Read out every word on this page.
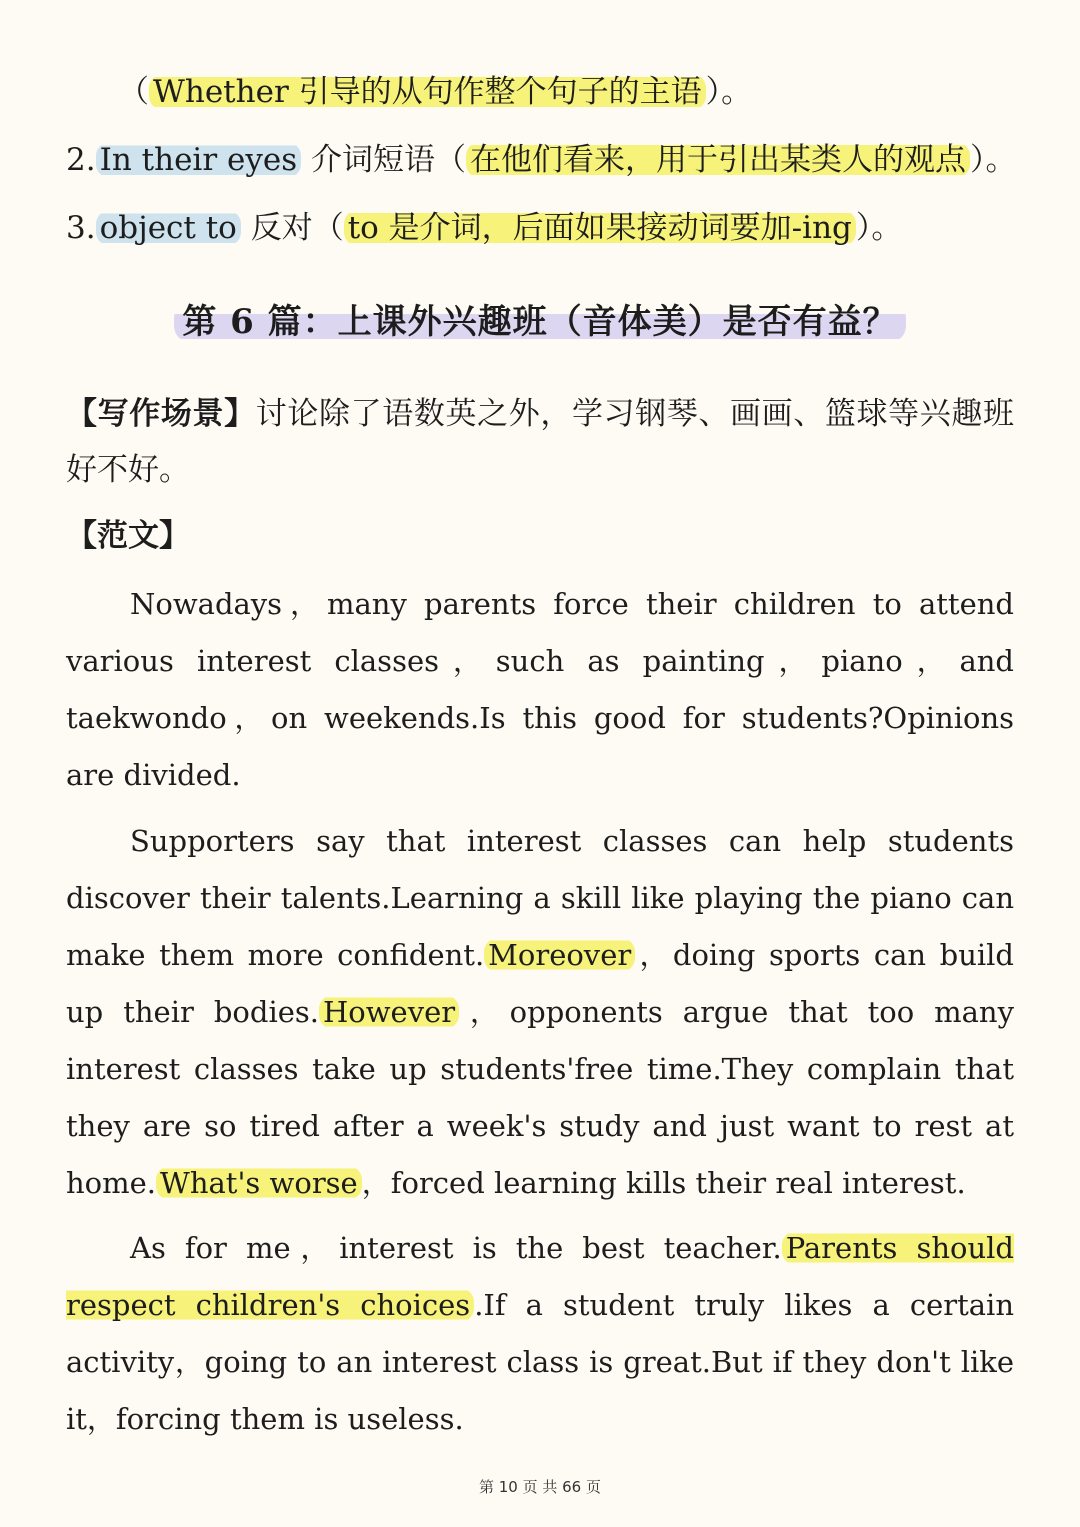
（ Whether 引导的从句作整个句子的主语 ）。
2. In their eyes 介词短语（ 在他们看来，用于引出某类人的观点 ）。
3. object to 反对（ to 是介词，后面如果接动词要加-ing ）。
第 6 篇：上课外兴趣班（音体美）是否有益？
【写作场景】讨论除了语数英之外，学习钢琴、画画、篮球等兴趣班好不好。
【范文】

Nowadays，many parents force their children to attend various interest classes，such as painting，piano，and taekwondo，on weekends.Is this good for students?Opinions are divided.

Supporters say that interest classes can help students discover their talents.Learning a skill like playing the piano can make them more confident. Moreover ，doing sports can build up their bodies. However ，opponents argue that too many interest classes take up students'free time.They complain that they are so tired after a week's study and just want to rest at home. What's worse ，forced learning kills their real interest.

As for me，interest is the best teacher. Parents should respect children's choices .If a student truly likes a certain activity，going to an interest class is great.But if they don't like it，forcing them is useless.

第 10 页 共 66 页
